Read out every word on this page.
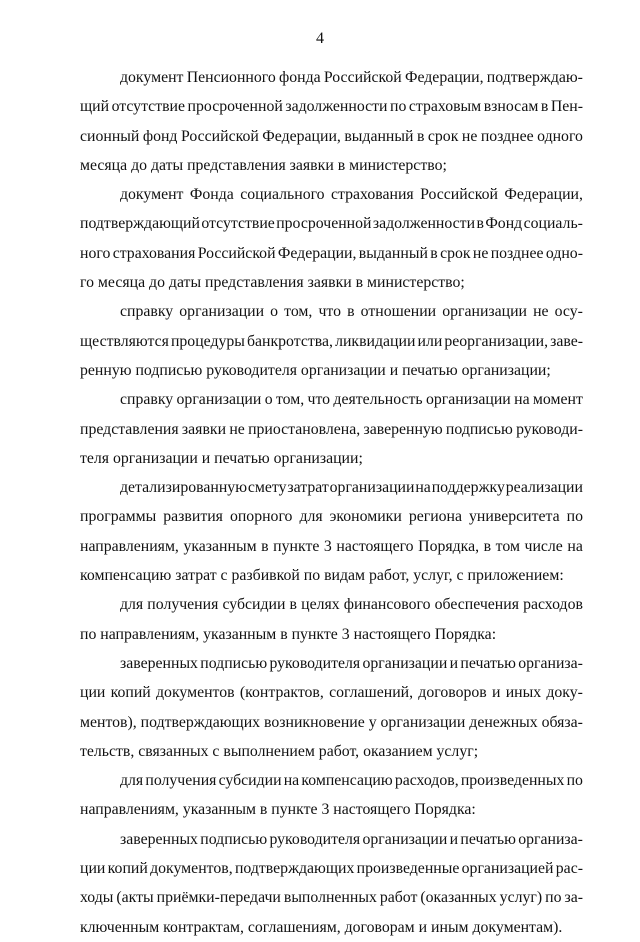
4
документ Пенсионного фонда Российской Федерации, подтверждаю-
щий отсутствие просроченной задолженности по страховым взносам в Пен-
сионный фонд Российской Федерации, выданный в срок не позднее одного
месяца до даты представления заявки в министерство;
документ Фонда социального страхования Российской Федерации,
подтверждающий отсутствие просроченной задолженности в Фонд социаль-
ного страхования Российской Федерации, выданный в срок не позднее одно-
го месяца до даты представления заявки в министерство;
справку организации о том, что в отношении организации не осу-
ществляются процедуры банкротства, ликвидации или реорганизации, заве-
ренную подписью руководителя организации и печатью организации;
справку организации о том, что деятельность организации на момент
представления заявки не приостановлена, заверенную подписью руководи-
теля организации и печатью организации;
детализированную смету затрат организации на поддержку реализации
программы развития опорного для экономики региона университета по
направлениям, указанным в пункте 3 настоящего Порядка, в том числе на
компенсацию затрат с разбивкой по видам работ, услуг, с приложением:
для получения субсидии в целях финансового обеспечения расходов
по направлениям, указанным в пункте 3 настоящего Порядка:
заверенных подписью руководителя организации и печатью организа-
ции копий документов (контрактов, соглашений, договоров и иных доку-
ментов), подтверждающих возникновение у организации денежных обяза-
тельств, связанных с выполнением работ, оказанием услуг;
для получения субсидии на компенсацию расходов, произведенных по
направлениям, указанным в пункте 3 настоящего Порядка:
заверенных подписью руководителя организации и печатью организа-
ции копий документов, подтверждающих произведенные организацией рас-
ходы (акты приёмки-передачи выполненных работ (оказанных услуг) по за-
ключенным контрактам, соглашениям, договорам и иным документам).
